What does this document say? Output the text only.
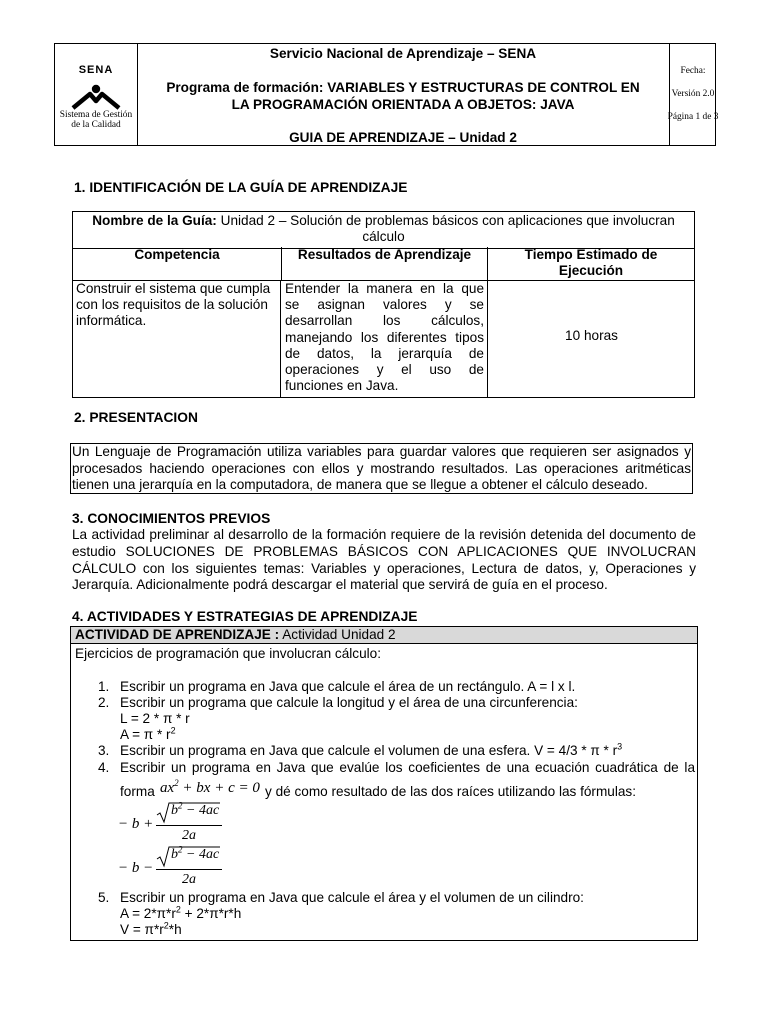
SENA
Sistema de Gestión
de la Calidad
Servicio Nacional de Aprendizaje – SENA
Programa de formación: VARIABLES Y ESTRUCTURAS DE CONTROL EN
LA PROGRAMACIÓN ORIENTADA A OBJETOS: JAVA
GUIA DE APRENDIZAJE – Unidad 2
Fecha:
Versión 2.0
Página 1 de 3
1. IDENTIFICACIÓN DE LA GUÍA DE APRENDIZAJE
Nombre de la Guía: Unidad 2 – Solución de problemas básicos con aplicaciones que involucran
cálculo
Competencia	Resultados de Aprendizaje	Tiempo Estimado de
Ejecución
Construir el sistema que cumpla
con los requisitos de la solución
informática.
Entender la manera en la que
se asignan valores y se
desarrollan los cálculos,
manejando los diferentes tipos
de datos, la jerarquía de
operaciones y el uso de
funciones en Java.
10 horas
2. PRESENTACION
Un Lenguaje de Programación utiliza variables para guardar valores que requieren ser asignados y
procesados haciendo operaciones con ellos y mostrando resultados. Las operaciones aritméticas
tienen una jerarquía en la computadora, de manera que se llegue a obtener el cálculo deseado.
3. CONOCIMIENTOS PREVIOS
La actividad preliminar al desarrollo de la formación requiere de la revisión detenida del documento de
estudio SOLUCIONES DE PROBLEMAS BÁSICOS CON APLICACIONES QUE INVOLUCRAN
CÁLCULO con los siguientes temas: Variables y operaciones, Lectura de datos, y, Operaciones y
Jerarquía. Adicionalmente podrá descargar el material que servirá de guía en el proceso.
4. ACTIVIDADES Y ESTRATEGIAS DE APRENDIZAJE
ACTIVIDAD DE APRENDIZAJE : Actividad Unidad 2
Ejercicios de programación que involucran cálculo:
1. Escribir un programa en Java que calcule el área de un rectángulo. A = l x l.
2. Escribir un programa que calcule la longitud y el área de una circunferencia:
L = 2 * π * r
$A = \pi * r^2$
3. Escribir un programa en Java que calcule el volumen de una esfera. $V = 4/3 * \pi * r^3$
4. Escribir un programa en Java que evalúe los coeficientes de una ecuación cuadrática de la
forma $ax^2$ + bx + c = 0 y dé como resultado de las dos raíces utilizando las fórmulas:
− b +
$b^2 - 4ac$
2a
− b −
$b^2 - 4ac$
2a
5. Escribir un programa en Java que calcule el área y el volumen de un cilindro:
$A = 2*\pi*r^2 + 2*\pi*r*h$
$V = \pi*r^2*h$
